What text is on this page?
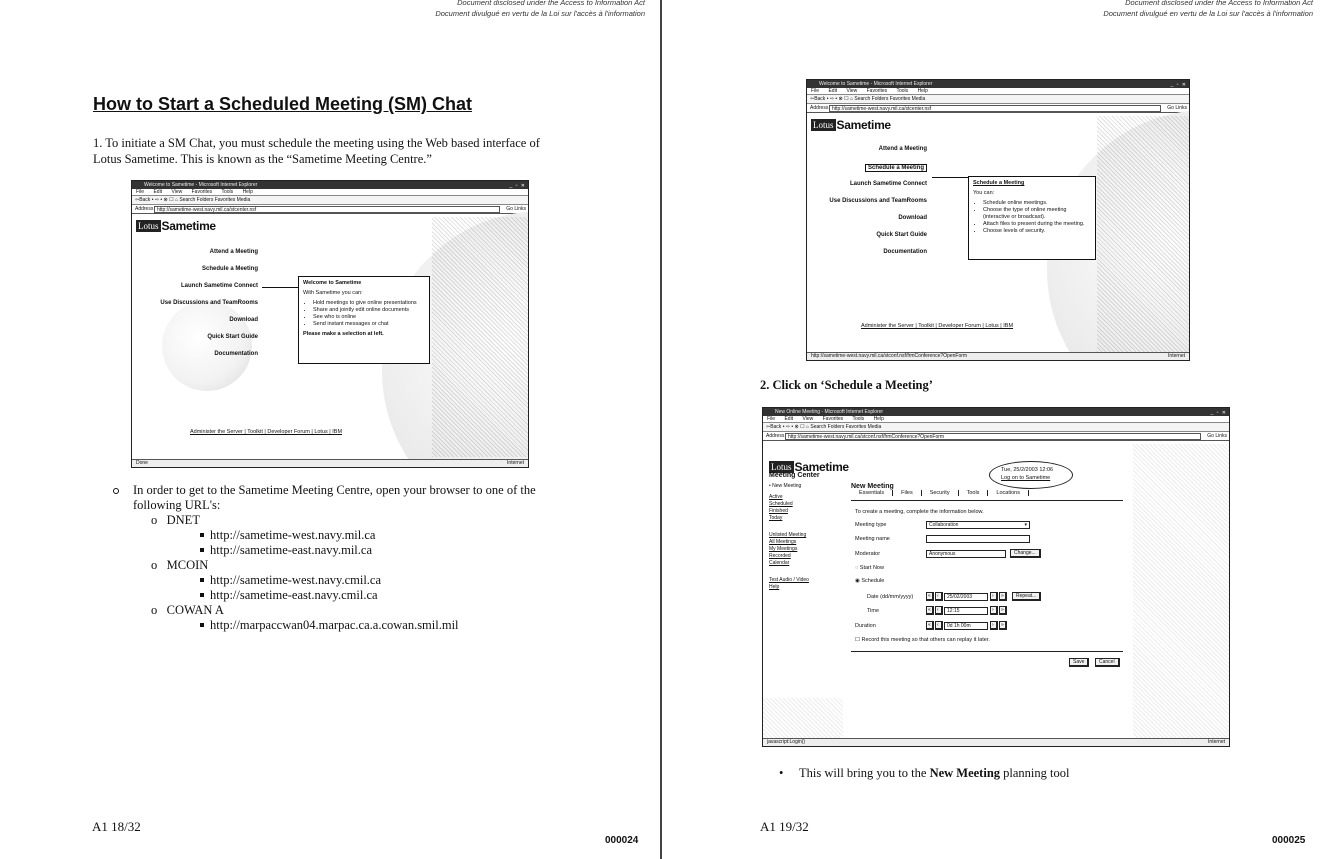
Document disclosed under the Access to Information Act
Document divulgué en vertu de la Loi sur l'accès à l'information
How to Start a Scheduled Meeting (SM) Chat
1. To initiate a SM Chat, you must schedule the meeting using the Web based interface of Lotus Sametime. This is known as the “Sametime Meeting Centre.”
Welcome to Sametime - Microsoft Internet Explorer	_ ▫ ✕
File Edit View Favorites Tools Help
⇦Back • ⇨ • ⊗ ☐ ⌂ Search Folders Favorites Media
Address http://sametime-west.navy.mil.ca/stcenter.nsf	Go Links
Lotus Sametime
Attend a Meeting
Schedule a Meeting
Launch Sametime Connect
Use Discussions and TeamRooms
Download
Quick Start Guide
Documentation
Welcome to Sametime
With Sametime you can:
• Hold meetings to give online presentations
• Share and jointly edit online documents
• See who is online
• Send instant messages or chat
Please make a selection at left.
Administer the Server | Toolkit | Developer Forum | Lotus | IBM
Done	Internet
In order to get to the Sametime Meeting Centre, open your browser to one of the following URL's:
o   DNET
http://sametime-west.navy.mil.ca
http://sametime-east.navy.mil.ca
o   MCOIN
http://sametime-west.navy.cmil.ca
http://sametime-east.navy.cmil.ca
o   COWAN A
http://marpaccwan04.marpac.ca.a.cowan.smil.mil
A1 18/32
000024
Document disclosed under the Access to Information Act
Document divulgué en vertu de la Loi sur l'accès à l'information
Welcome to Sametime - Microsoft Internet Explorer	_ ▫ ✕
File Edit View Favorites Tools Help
⇦Back • ⇨ • ⊗ ☐ ⌂ Search Folders Favorites Media
Address http://sametime-west.navy.mil.ca/stcenter.nsf	Go Links
Lotus Sametime
Attend a Meeting
Schedule a Meeting
Launch Sametime Connect
Use Discussions and TeamRooms
Download
Quick Start Guide
Documentation
Schedule a Meeting
You can:
• Schedule online meetings.
• Choose the type of online meeting (interactive or broadcast).
• Attach files to present during the meeting.
• Choose levels of security.
Administer the Server | Toolkit | Developer Forum | Lotus | IBM
http://sametime-west.navy.mil.ca/stconf.nsf/frmConference?OpenForm	Internet
2. Click on ‘Schedule a Meeting’
New Online Meeting - Microsoft Internet Explorer	_ ▫ ✕
File Edit View Favorites Tools Help
⇦Back • ⇨ • ⊗ ☐ ⌂ Search Folders Favorites Media
Address http://sametime-west.navy.mil.ca/stconf.nsf/frmConference?OpenForm	Go Links
Lotus Sametime
Meeting Center
Tue, 25/2/2003 12:06
Log on to Sametime
New Meeting
• New Meeting
Active
Scheduled
Finished
Today
Unlisted Meeting
All Meetings
My Meetings
Recorded
Calendar
Test Audio / Video
Help
Essentials	Files	Security	Tools	Locations
To create a meeting, complete the information below.
Meeting type	Collaboration	▾
Meeting name
Moderator	Anonymous	Change...
◌ Start Now
◉ Schedule
Date (dd/mm/yyyy)	«	‹	25/02/2003	›	»	Repeat...
Time	«	‹	12:15	›	»
Duration	«	‹	0d 1h 00m	›	»
☐ Record this meeting so that others can replay it later.
Save	Cancel
javascript:Login()	Internet
• This will bring you to the New Meeting planning tool
A1 19/32
000025
